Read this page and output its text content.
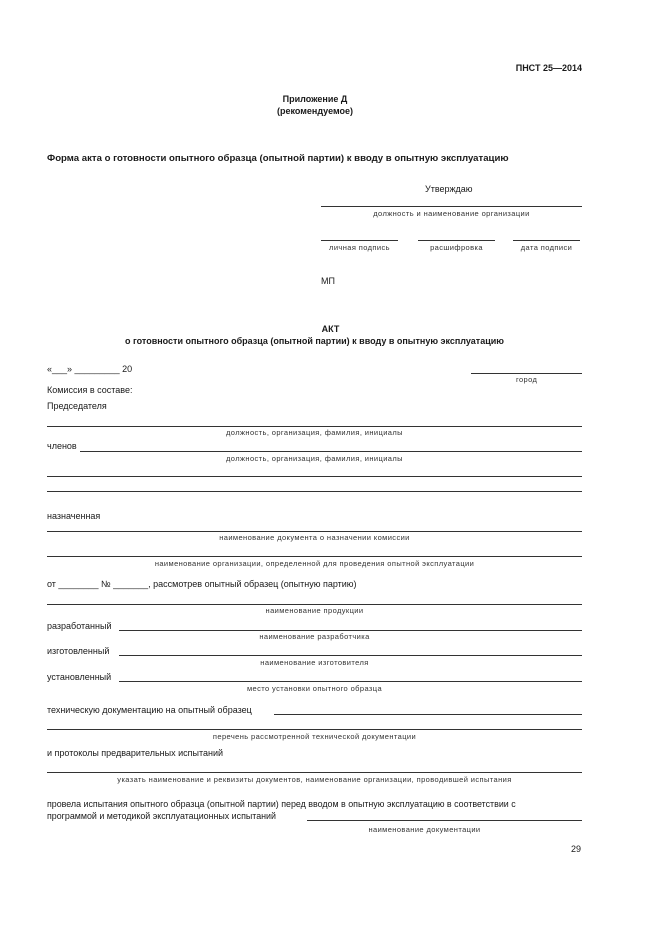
ПНСТ 25—2014
Приложение Д
(рекомендуемое)
Форма акта о готовности опытного образца (опытной партии) к вводу в опытную эксплуатацию
Утверждаю
должность и наименование организации
личная подпись	расшифровка	дата подписи
МП
АКТ
о готовности опытного образца (опытной партии) к вводу в опытную эксплуатацию
«___» _________ 20
город
Комиссия в составе:
Председателя
должность, организация, фамилия, инициалы
членов
должность, организация, фамилия, инициалы
назначенная
наименование документа о назначении комиссии
наименование организации, определенной для проведения опытной эксплуатации
от ________ № _______, рассмотрев опытный образец (опытную партию)
наименование продукции
разработанный
наименование разработчика
изготовленный
наименование изготовителя
установленный
место установки опытного образца
техническую документацию на опытный образец
перечень рассмотренной технической документации
и протоколы предварительных испытаний
указать наименование и реквизиты документов, наименование организации, проводившей испытания
провела испытания опытного образца (опытной партии) перед вводом в опытную эксплуатацию в соответствии с
программой и методикой эксплуатационных испытаний
наименование документации
29
